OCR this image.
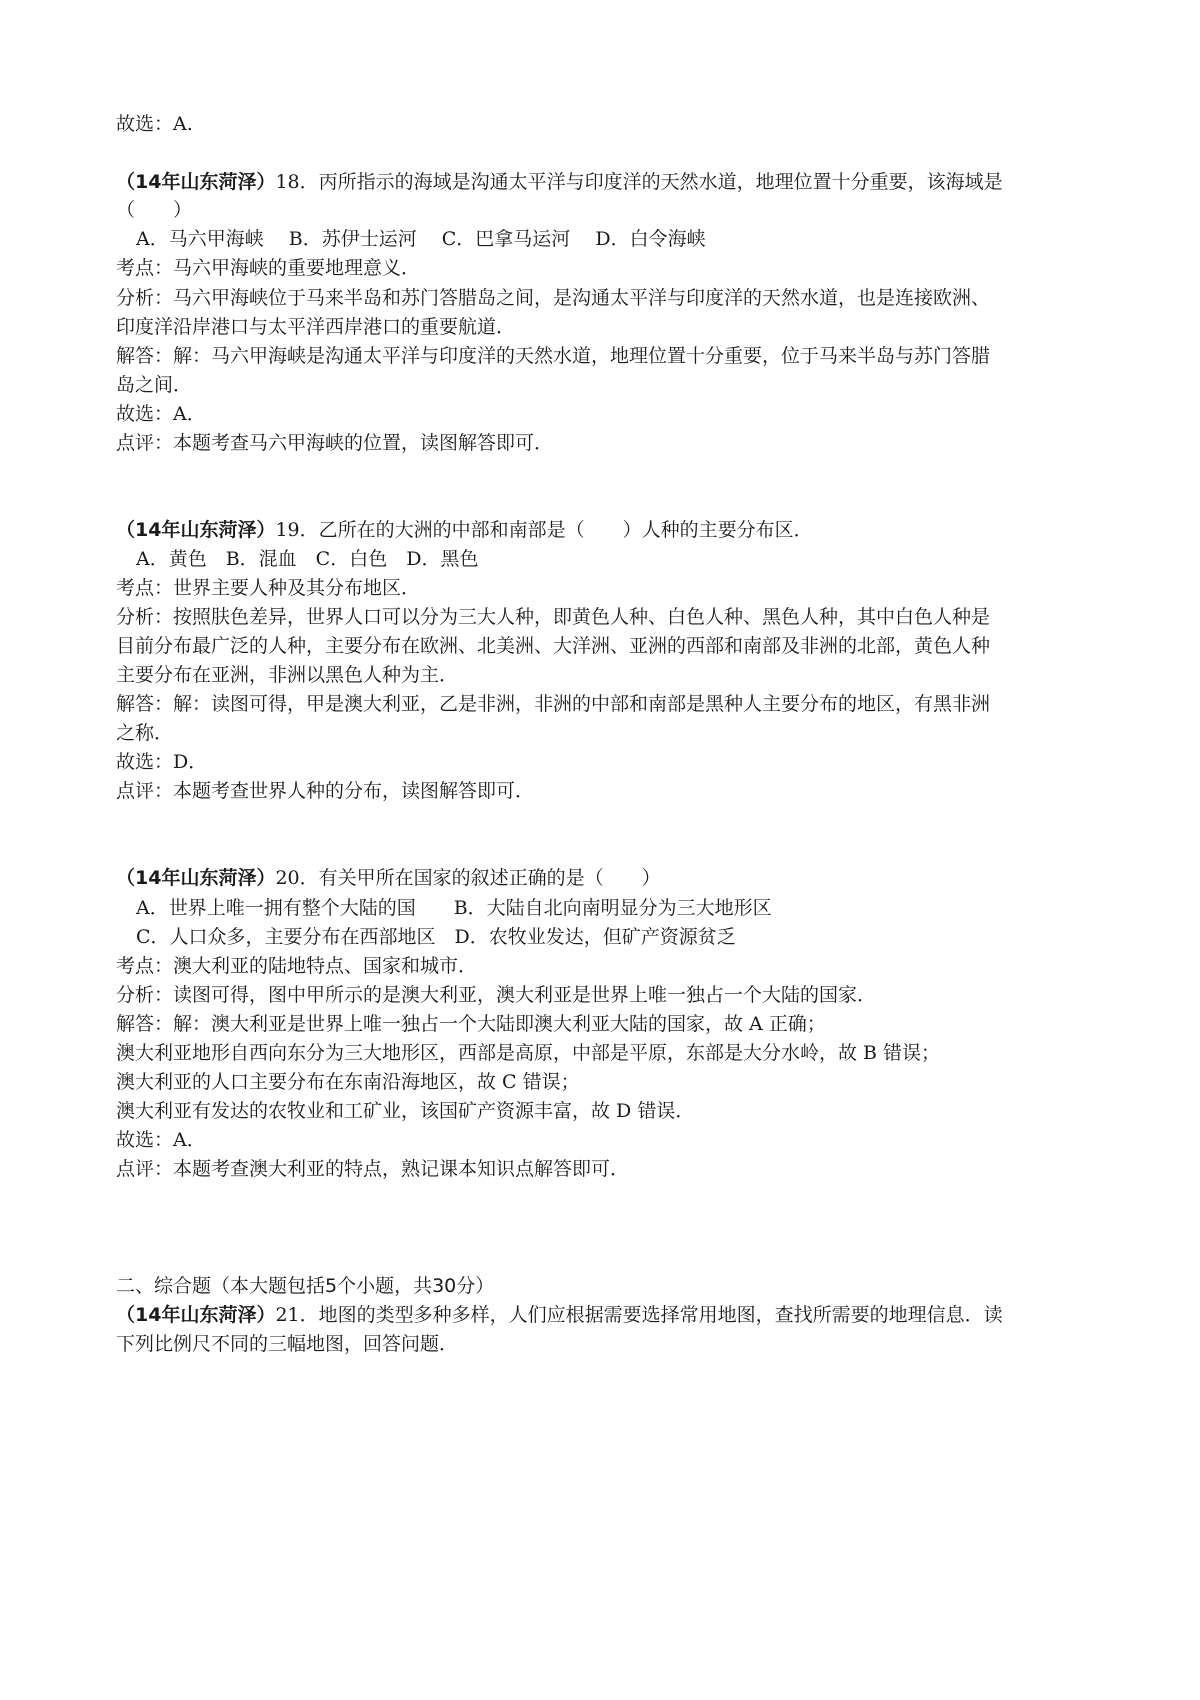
故选：A.
（14年山东菏泽）18．丙所指示的海域是沟通太平洋与印度洋的天然水道，地理位置十分重要，该海域是
（　　）
A．马六甲海峡　 B．苏伊士运河　 C．巴拿马运河　 D．白令海峡
考点：马六甲海峡的重要地理意义．
分析：马六甲海峡位于马来半岛和苏门答腊岛之间，是沟通太平洋与印度洋的天然水道，也是连接欧洲、
印度洋沿岸港口与太平洋西岸港口的重要航道．
解答：解：马六甲海峡是沟通太平洋与印度洋的天然水道，地理位置十分重要，位于马来半岛与苏门答腊
岛之间．
故选：A．
点评：本题考查马六甲海峡的位置，读图解答即可．
（14年山东菏泽）19．乙所在的大洲的中部和南部是（　　）人种的主要分布区．
A．黄色　B．混血　C．白色　D．黑色
考点：世界主要人种及其分布地区．
分析：按照肤色差异，世界人口可以分为三大人种，即黄色人种、白色人种、黑色人种，其中白色人种是
目前分布最广泛的人种，主要分布在欧洲、北美洲、大洋洲、亚洲的西部和南部及非洲的北部，黄色人种
主要分布在亚洲，非洲以黑色人种为主．
解答：解：读图可得，甲是澳大利亚，乙是非洲，非洲的中部和南部是黑种人主要分布的地区，有黑非洲
之称．
故选：D．
点评：本题考查世界人种的分布，读图解答即可．
（14年山东菏泽）20．有关甲所在国家的叙述正确的是（　　）
A．世界上唯一拥有整个大陆的国　　B．大陆自北向南明显分为三大地形区
C．人口众多，主要分布在西部地区　D．农牧业发达，但矿产资源贫乏
考点：澳大利亚的陆地特点、国家和城市．
分析：读图可得，图中甲所示的是澳大利亚，澳大利亚是世界上唯一独占一个大陆的国家．
解答：解：澳大利亚是世界上唯一独占一个大陆即澳大利亚大陆的国家，故 A 正确；
澳大利亚地形自西向东分为三大地形区，西部是高原，中部是平原，东部是大分水岭，故 B 错误；
澳大利亚的人口主要分布在东南沿海地区，故 C 错误；
澳大利亚有发达的农牧业和工矿业，该国矿产资源丰富，故 D 错误．
故选：A．
点评：本题考查澳大利亚的特点，熟记课本知识点解答即可．
二、综合题（本大题包括5个小题，共30分）
（14年山东菏泽）21．地图的类型多种多样，人们应根据需要选择常用地图，查找所需要的地理信息．读
下列比例尺不同的三幅地图，回答问题．
